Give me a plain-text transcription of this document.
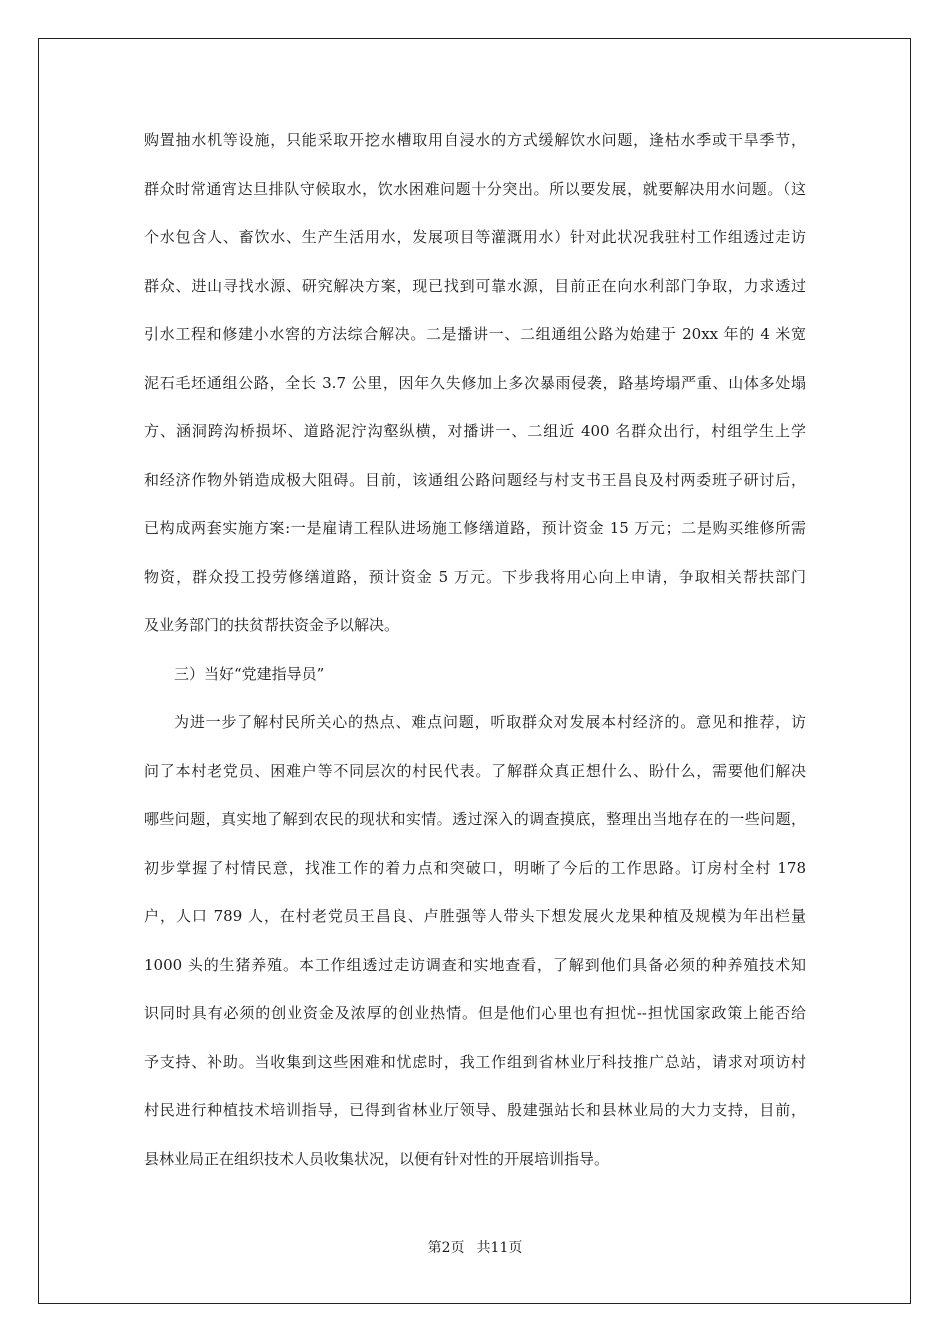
购置抽水机等设施，只能采取开挖水槽取用自浸水的方式缓解饮水问题，逢枯水季或干旱季节，
群众时常通宵达旦排队守候取水，饮水困难问题十分突出。所以要发展，就要解决用水问题。（这
个水包含人、畜饮水、生产生活用水，发展项目等灌溉用水）针对此状况我驻村工作组透过走访
群众、进山寻找水源、研究解决方案，现已找到可靠水源，目前正在向水利部门争取，力求透过
引水工程和修建小水窖的方法综合解决。二是播讲一、二组通组公路为始建于 20xx 年的 4 米宽
泥石毛坯通组公路，全长 3.7 公里，因年久失修加上多次暴雨侵袭，路基垮塌严重、山体多处塌
方、涵洞跨沟桥损坏、道路泥泞沟壑纵横，对播讲一、二组近 400 名群众出行，村组学生上学
和经济作物外销造成极大阻碍。目前，该通组公路问题经与村支书王昌良及村两委班子研讨后，
已构成两套实施方案:一是雇请工程队进场施工修缮道路，预计资金 15 万元；二是购买维修所需
物资，群众投工投劳修缮道路，预计资金 5 万元。下步我将用心向上申请，争取相关帮扶部门
及业务部门的扶贫帮扶资金予以解决。
三）当好“党建指导员”
为进一步了解村民所关心的热点、难点问题，听取群众对发展本村经济的。意见和推荐，访
问了本村老党员、困难户等不同层次的村民代表。了解群众真正想什么、盼什么，需要他们解决
哪些问题，真实地了解到农民的现状和实情。透过深入的调查摸底，整理出当地存在的一些问题，
初步掌握了村情民意，找准工作的着力点和突破口，明晰了今后的工作思路。订房村全村 178
户，人口 789 人，在村老党员王昌良、卢胜强等人带头下想发展火龙果种植及规模为年出栏量
1000 头的生猪养殖。本工作组透过走访调查和实地查看，了解到他们具备必须的种养殖技术知
识同时具有必须的创业资金及浓厚的创业热情。但是他们心里也有担忧--担忧国家政策上能否给
予支持、补助。当收集到这些困难和忧虑时，我工作组到省林业厅科技推广总站，请求对项访村
村民进行种植技术培训指导，已得到省林业厅领导、殷建强站长和县林业局的大力支持，目前，
县林业局正在组织技术人员收集状况，以便有针对性的开展培训指导。
第2页 共11页
